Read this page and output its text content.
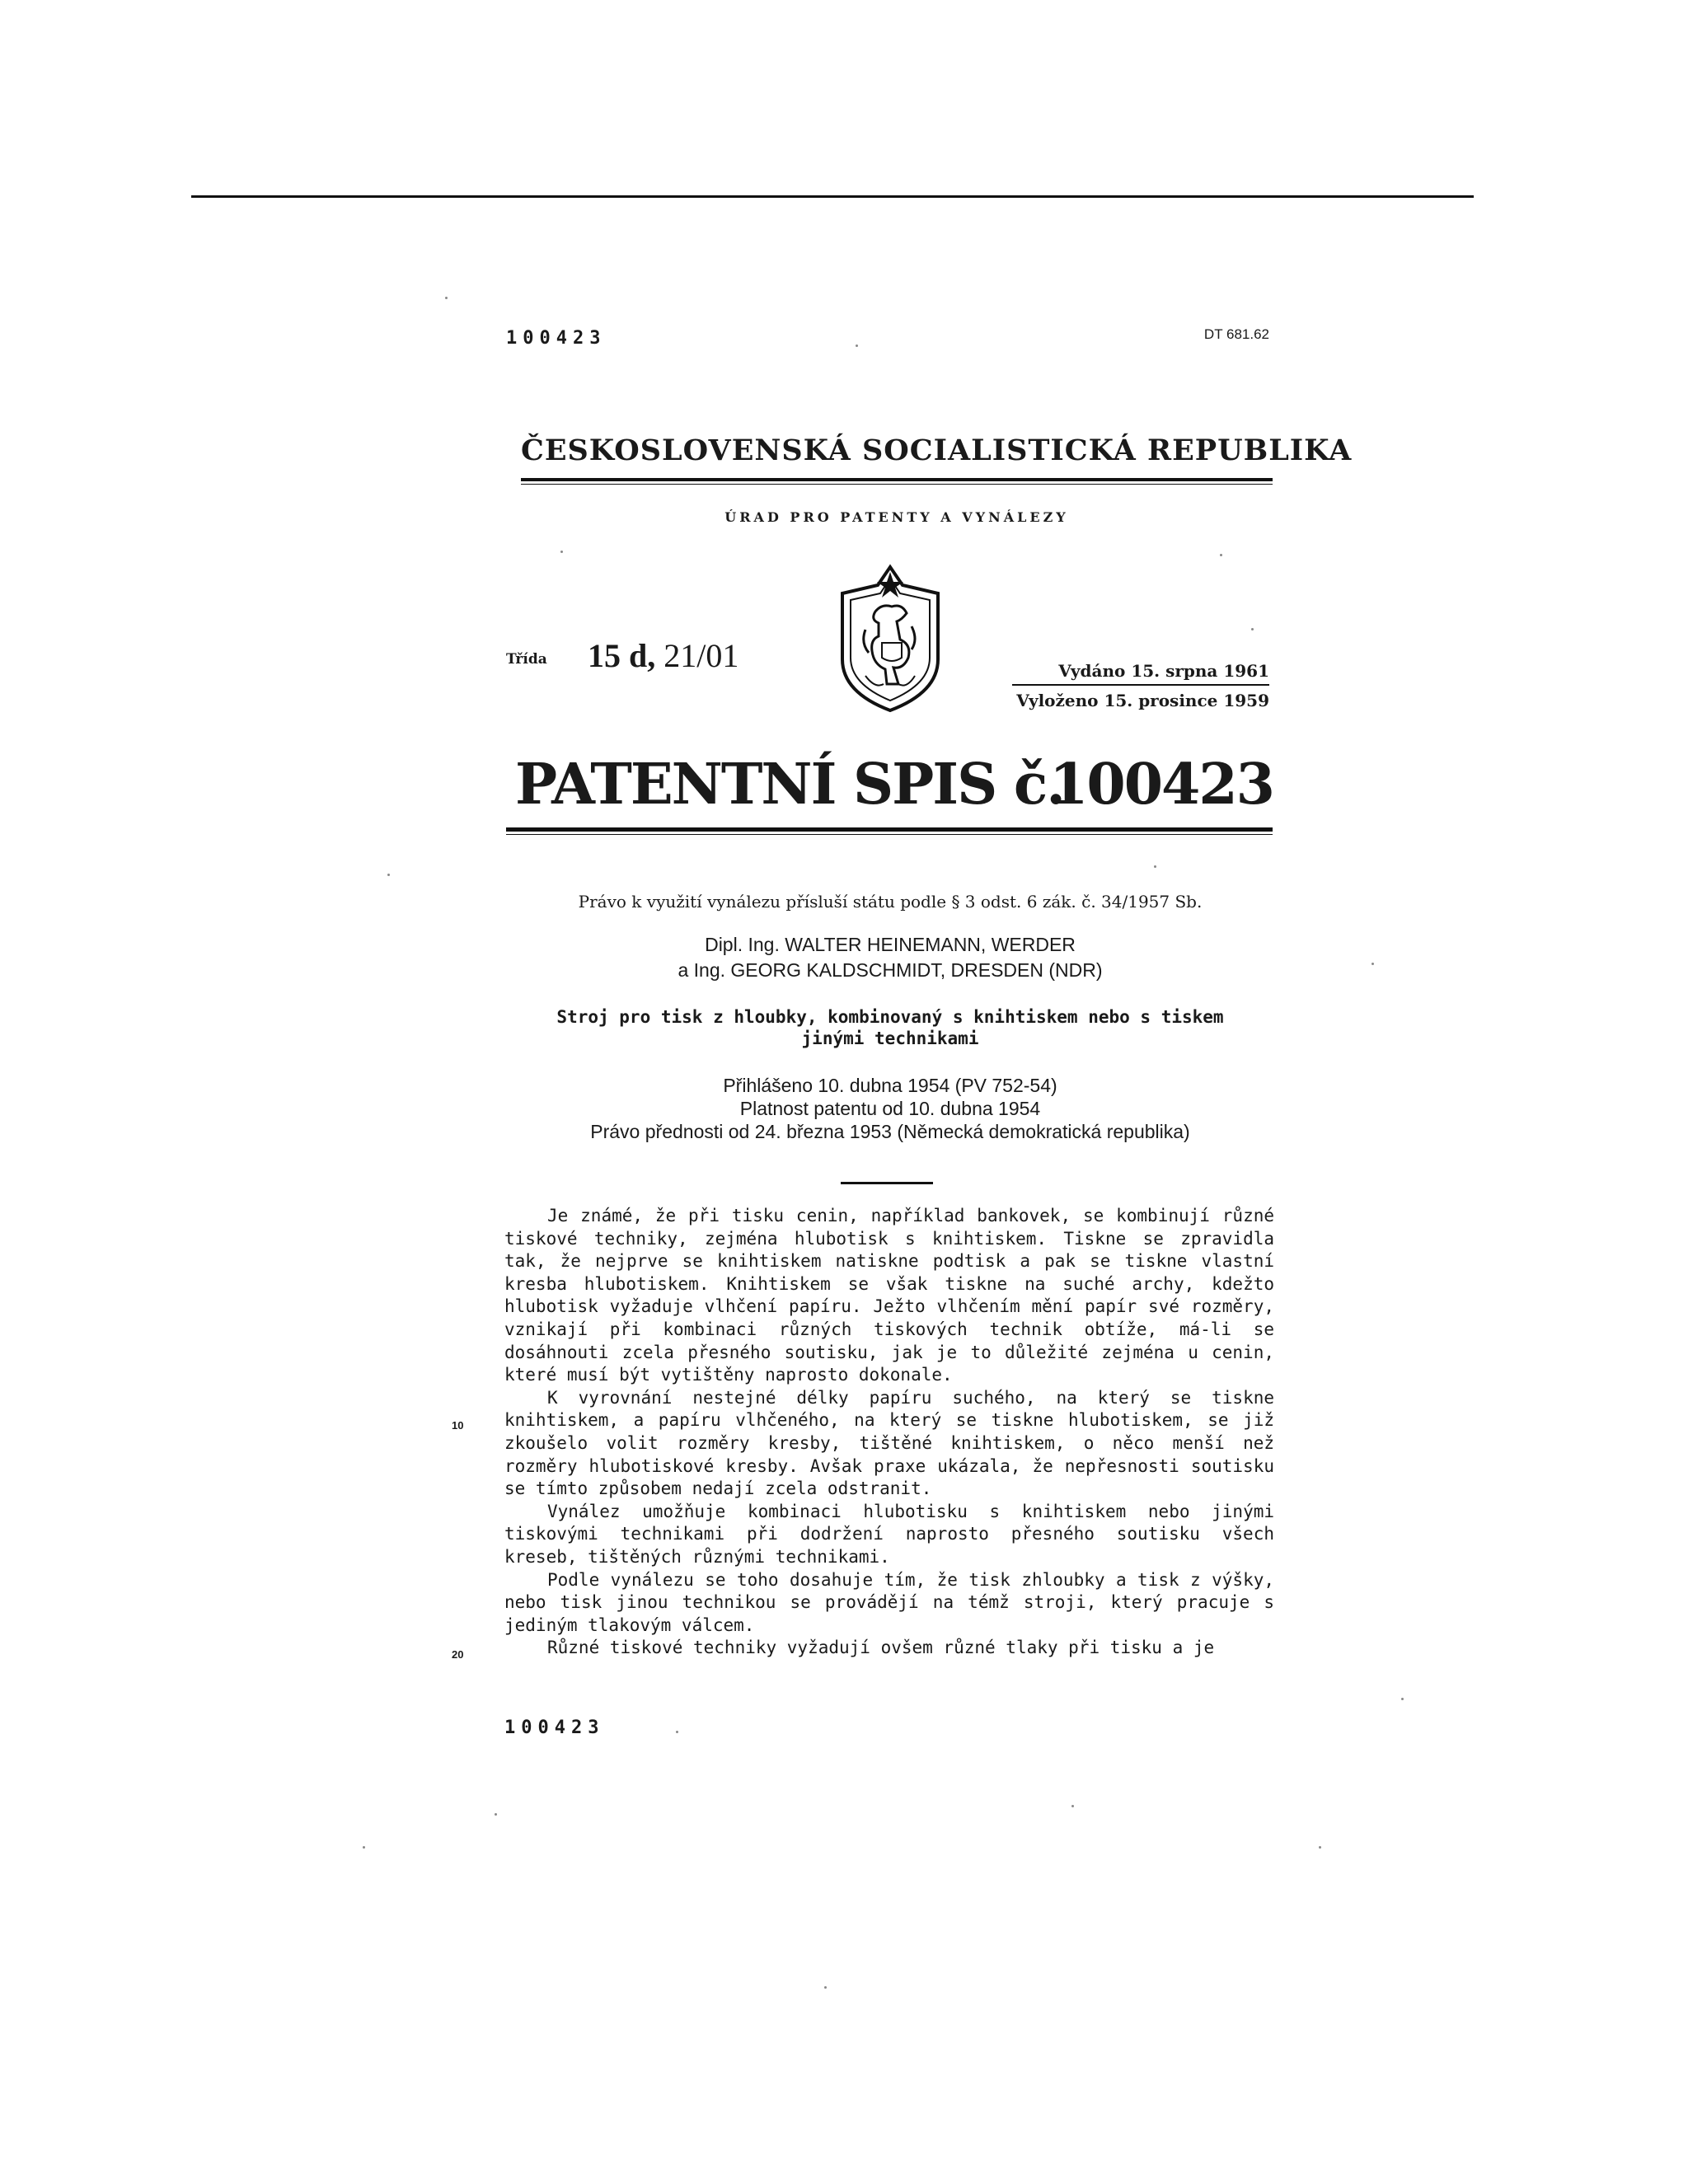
100423	DT 681.62
ČESKOSLOVENSKÁ SOCIALISTICKÁ REPUBLIKA
ÚRAD PRO PATENTY A VYNÁLEZY
Třída 15 d, 21/01	Vydáno 15. srpna 1961
Vyloženo 15. prosince 1959
PATENTNÍ SPIS č.
100423
Právo k využití vynálezu přísluší státu podle § 3 odst. 6 zák. č. 34/1957 Sb.
Dipl. Ing. WALTER HEINEMANN, WERDER
a Ing. GEORG KALDSCHMIDT, DRESDEN (NDR)
Stroj pro tisk z hloubky, kombinovaný s knihtiskem nebo s tiskem
jinými technikami
Přihlášeno 10. dubna 1954 (PV 752-54)
Platnost patentu od 10. dubna 1954
Právo přednosti od 24. března 1953 (Německá demokratická republika)

Je známé, že při tisku cenin, například bankovek, se kombinují různé tiskové techniky, zejména hlubotisk s knihtiskem. Tiskne se zpravidla tak, že nejprve se knihtiskem natiskne podtisk a pak se tiskne vlastní kresba hlubotiskem. Knihtiskem se však tiskne na suché archy, kdežto hlubotisk vyžaduje vlhčení papíru. Ježto vlhčením mění papír své rozměry, vznikají při kombinaci různých tiskových technik obtíže, má-li se dosáhnouti zcela přesného soutisku, jak je to důležité zejména u cenin, které musí být vytištěny naprosto dokonale.

K vyrovnání nestejné délky papíru suchého, na který se tiskne knihtiskem, a papíru vlhčeného, na který se tiskne hlubotiskem, se již zkoušelo volit rozměry kresby, tištěné knihtiskem, o něco menší než rozměry hlubotiskové kresby. Avšak praxe ukázala, že nepřesnosti soutisku se tímto způsobem nedají zcela odstranit.

Vynález umožňuje kombinaci hlubotisku s knihtiskem nebo jinými tiskovými technikami při dodržení naprosto přesného soutisku všech kreseb, tištěných různými technikami.

Podle vynálezu se toho dosahuje tím, že tisk zhloubky a tisk z výšky, nebo tisk jinou technikou se provádějí na témž stroji, který pracuje s jediným tlakovým válcem.

Různé tiskové techniky vyžadují ovšem různé tlaky při tisku a je

10
20
100423
